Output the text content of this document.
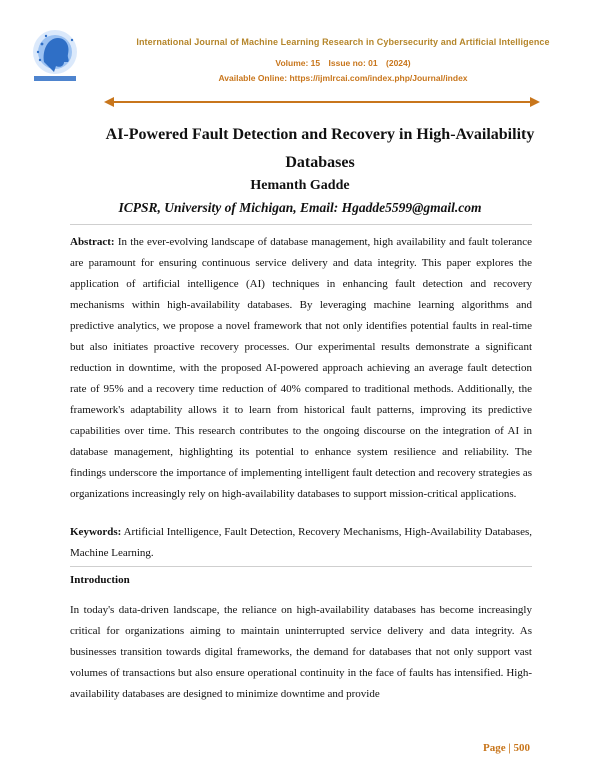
International Journal of Machine Learning Research in Cybersecurity and Artificial Intelligence
Volume: 15 Issue no: 01 (2024)
Available Online: https://ijmlrcai.com/index.php/Journal/index
AI-Powered Fault Detection and Recovery in High-Availability Databases
Hemanth Gadde
ICPSR, University of Michigan, Email: Hgadde5599@gmail.com

Abstract: In the ever-evolving landscape of database management, high availability and fault tolerance are paramount for ensuring continuous service delivery and data integrity. This paper explores the application of artificial intelligence (AI) techniques in enhancing fault detection and recovery mechanisms within high-availability databases. By leveraging machine learning algorithms and predictive analytics, we propose a novel framework that not only identifies potential faults in real-time but also initiates proactive recovery processes. Our experimental results demonstrate a significant reduction in downtime, with the proposed AI-powered approach achieving an average fault detection rate of 95% and a recovery time reduction of 40% compared to traditional methods. Additionally, the framework's adaptability allows it to learn from historical fault patterns, improving its predictive capabilities over time. This research contributes to the ongoing discourse on the integration of AI in database management, highlighting its potential to enhance system resilience and reliability. The findings underscore the importance of implementing intelligent fault detection and recovery strategies as organizations increasingly rely on high-availability databases to support mission-critical applications.

Keywords: Artificial Intelligence, Fault Detection, Recovery Mechanisms, High-Availability Databases, Machine Learning.

Introduction

In today's data-driven landscape, the reliance on high-availability databases has become increasingly critical for organizations aiming to maintain uninterrupted service delivery and data integrity. As businesses transition towards digital frameworks, the demand for databases that not only support vast volumes of transactions but also ensure operational continuity in the face of faults has intensified. High-availability databases are designed to minimize downtime and provide

Page | 500
